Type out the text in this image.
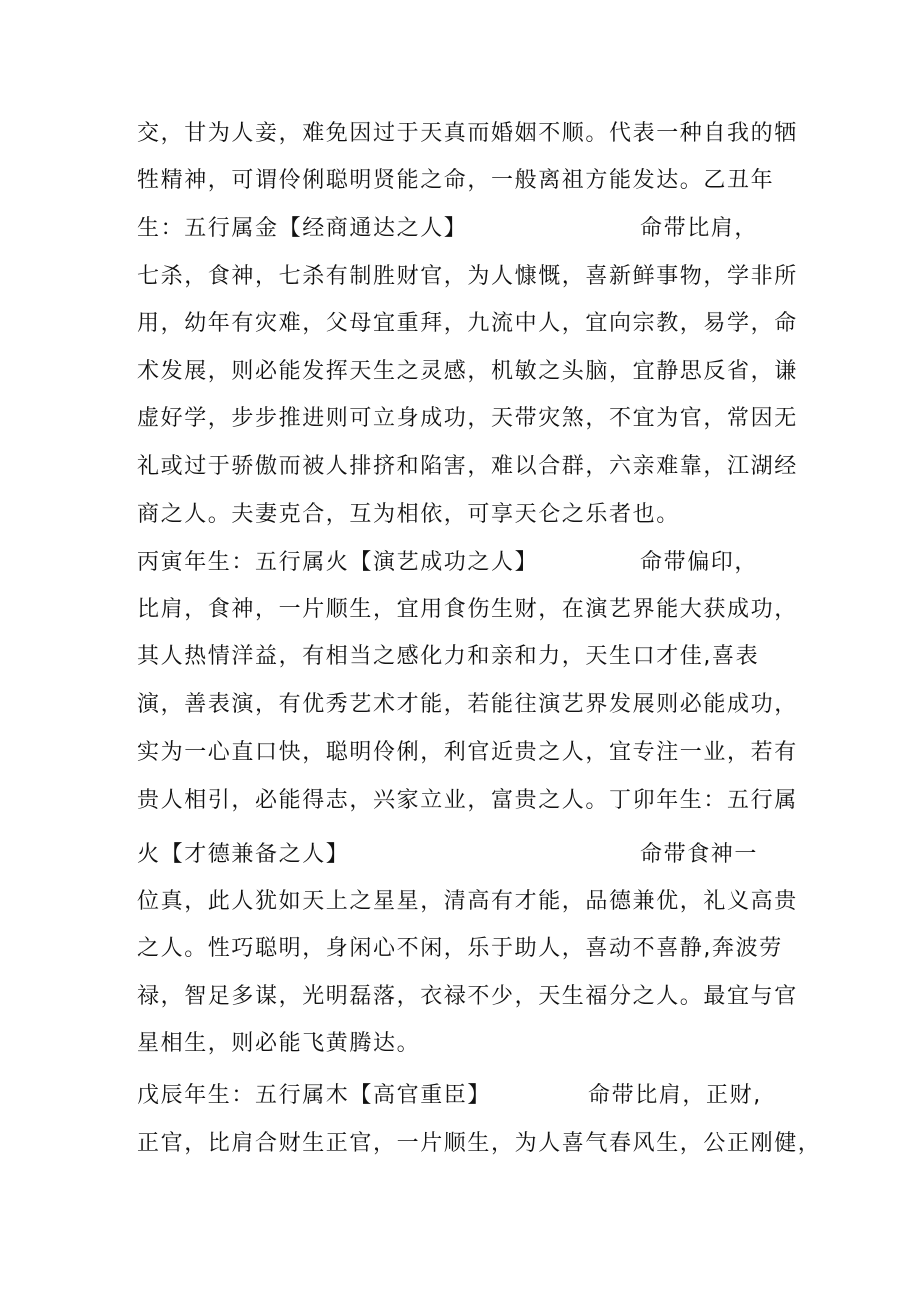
交，甘为人妾，难免因过于天真而婚姻不顺。代表一种自我的牺
牲精神，可谓伶俐聪明贤能之命，一般离祖方能发达。乙丑年
生：五行属金【经商通达之人】	命带比肩，
七杀，食神，七杀有制胜财官，为人慷慨，喜新鲜事物，学非所
用，幼年有灾难，父母宜重拜，九流中人，宜向宗教，易学，命
术发展，则必能发挥天生之灵感，机敏之头脑，宜静思反省，谦
虚好学，步步推进则可立身成功，天带灾煞，不宜为官，常因无
礼或过于骄傲而被人排挤和陷害，难以合群，六亲难靠，江湖经
商之人。夫妻克合，互为相依，可享天仑之乐者也。
丙寅年生：五行属火【演艺成功之人】	命带偏印，
比肩，食神，一片顺生，宜用食伤生财，在演艺界能大获成功，
其人热情洋益，有相当之感化力和亲和力，天生口才佳,喜表
演，善表演，有优秀艺术才能，若能往演艺界发展则必能成功，
实为一心直口快，聪明伶俐，利官近贵之人，宜专注一业，若有
贵人相引，必能得志，兴家立业，富贵之人。丁卯年生：五行属
火【才德兼备之人】	命带食神一
位真，此人犹如天上之星星，清高有才能，品德兼优，礼义高贵
之人。性巧聪明，身闲心不闲，乐于助人，喜动不喜静,奔波劳
禄，智足多谋，光明磊落，衣禄不少，天生福分之人。最宜与官
星相生，则必能飞黄腾达。
戊辰年生：五行属木【高官重臣】	命带比肩，正财,
正官，比肩合财生正官，一片顺生，为人喜气春风生，公正刚健，
